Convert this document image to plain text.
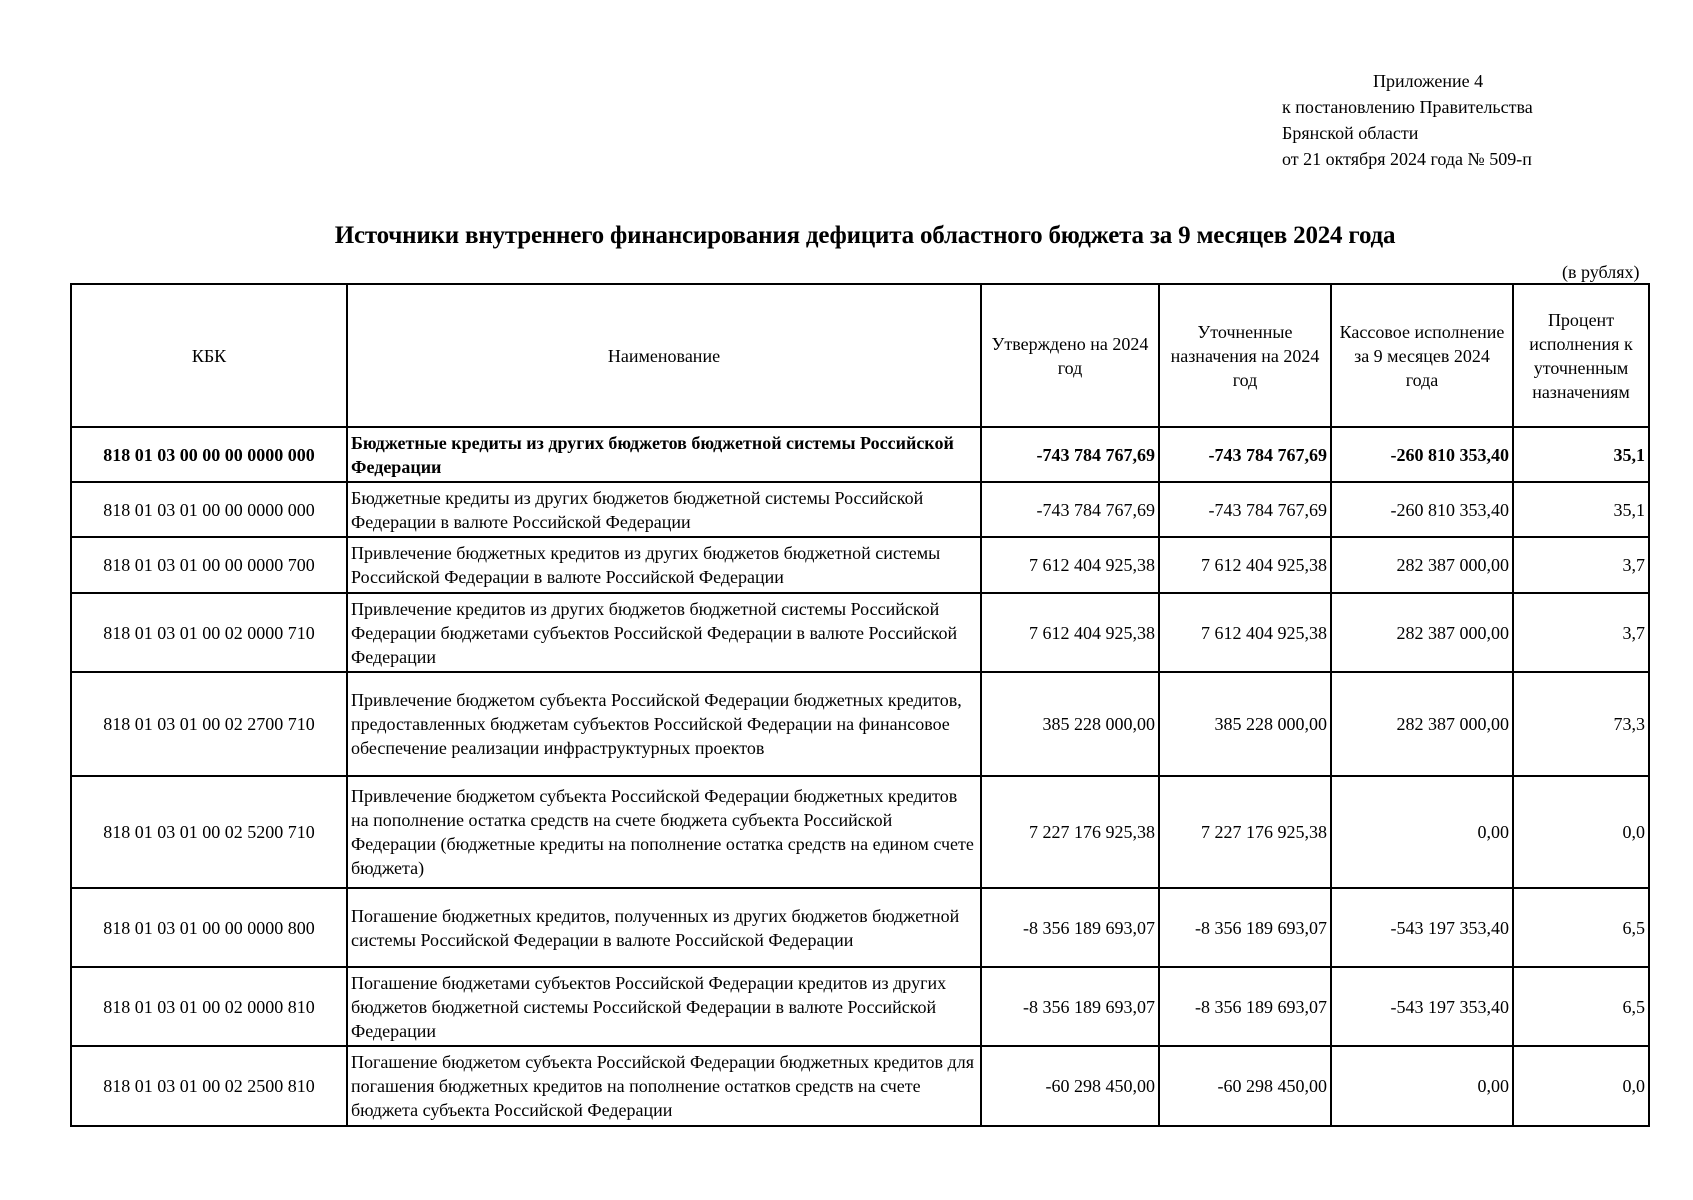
Приложение 4
к постановлению Правительства
Брянской области
от 21 октября 2024 года № 509-п
Источники внутреннего финансирования дефицита областного бюджета за 9 месяцев 2024 года
(в рублях)
КБК	Наименование	Утверждено на 2024 год	Уточненные назначения на 2024 год	Кассовое исполнение за 9 месяцев 2024 года	Процент исполнения к уточненным назначениям
818 01 03 00 00 00 0000 000	Бюджетные кредиты из других бюджетов бюджетной системы Российской Федерации	-743 784 767,69	-743 784 767,69	-260 810 353,40	35,1
818 01 03 01 00 00 0000 000	Бюджетные кредиты из других бюджетов бюджетной системы Российской Федерации в валюте Российской Федерации	-743 784 767,69	-743 784 767,69	-260 810 353,40	35,1
818 01 03 01 00 00 0000 700	Привлечение бюджетных кредитов из других бюджетов бюджетной системы Российской Федерации в валюте Российской Федерации	7 612 404 925,38	7 612 404 925,38	282 387 000,00	3,7
818 01 03 01 00 02 0000 710	Привлечение кредитов из других бюджетов бюджетной системы Российской Федерации бюджетами субъектов Российской Федерации в валюте Российской Федерации	7 612 404 925,38	7 612 404 925,38	282 387 000,00	3,7
818 01 03 01 00 02 2700 710	Привлечение бюджетом субъекта Российской Федерации бюджетных кредитов, предоставленных бюджетам субъектов Российской Федерации на финансовое обеспечение реализации инфраструктурных проектов	385 228 000,00	385 228 000,00	282 387 000,00	73,3
818 01 03 01 00 02 5200 710	Привлечение бюджетом субъекта Российской Федерации бюджетных кредитов на пополнение остатка средств на счете бюджета субъекта Российской Федерации (бюджетные кредиты на пополнение остатка средств на едином счете бюджета)	7 227 176 925,38	7 227 176 925,38	0,00	0,0
818 01 03 01 00 00 0000 800	Погашение бюджетных кредитов, полученных из других бюджетов бюджетной системы Российской Федерации в валюте Российской Федерации	-8 356 189 693,07	-8 356 189 693,07	-543 197 353,40	6,5
818 01 03 01 00 02 0000 810	Погашение бюджетами субъектов Российской Федерации кредитов из других бюджетов бюджетной системы Российской Федерации в валюте Российской Федерации	-8 356 189 693,07	-8 356 189 693,07	-543 197 353,40	6,5
818 01 03 01 00 02 2500 810	Погашение бюджетом субъекта Российской Федерации бюджетных кредитов для погашения бюджетных кредитов на пополнение остатков средств на счете бюджета субъекта Российской Федерации	-60 298 450,00	-60 298 450,00	0,00	0,0
